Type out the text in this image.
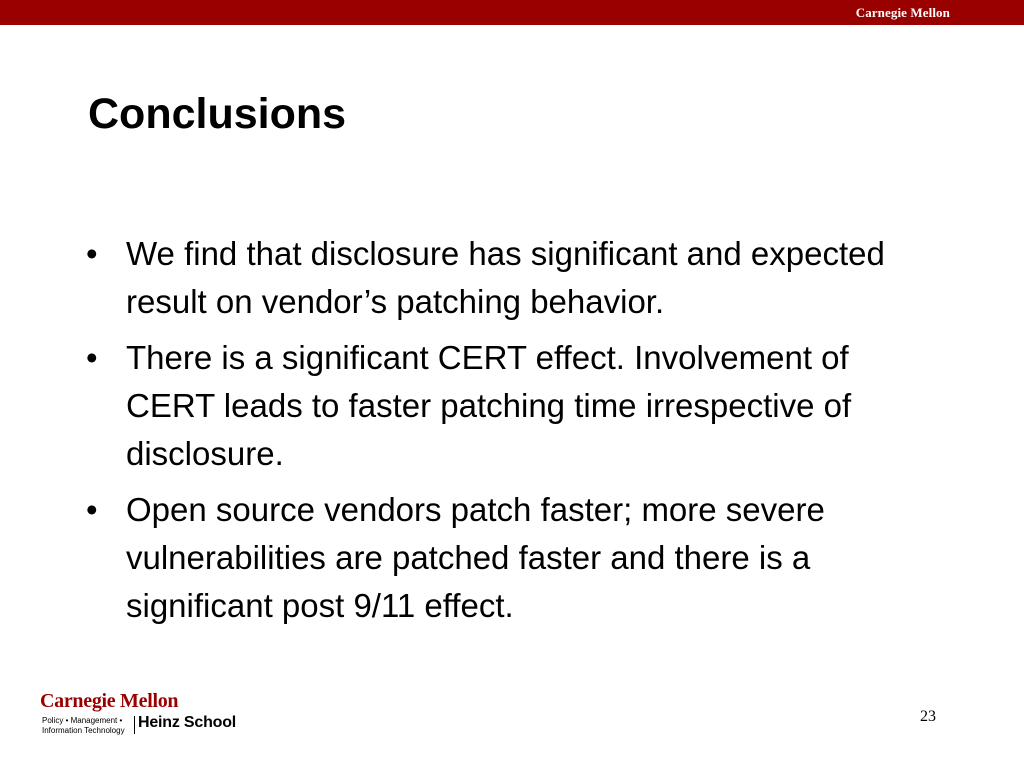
Carnegie Mellon
Conclusions
• We find that disclosure has significant and expected result on vendor’s patching behavior.
• There is a significant CERT effect. Involvement of CERT leads to faster patching time irrespective of disclosure.
• Open source vendors patch faster; more severe vulnerabilities are patched faster and there is a significant post 9/11 effect.
Carnegie Mellon
Policy • Management •
Information Technology Heinz School	23
